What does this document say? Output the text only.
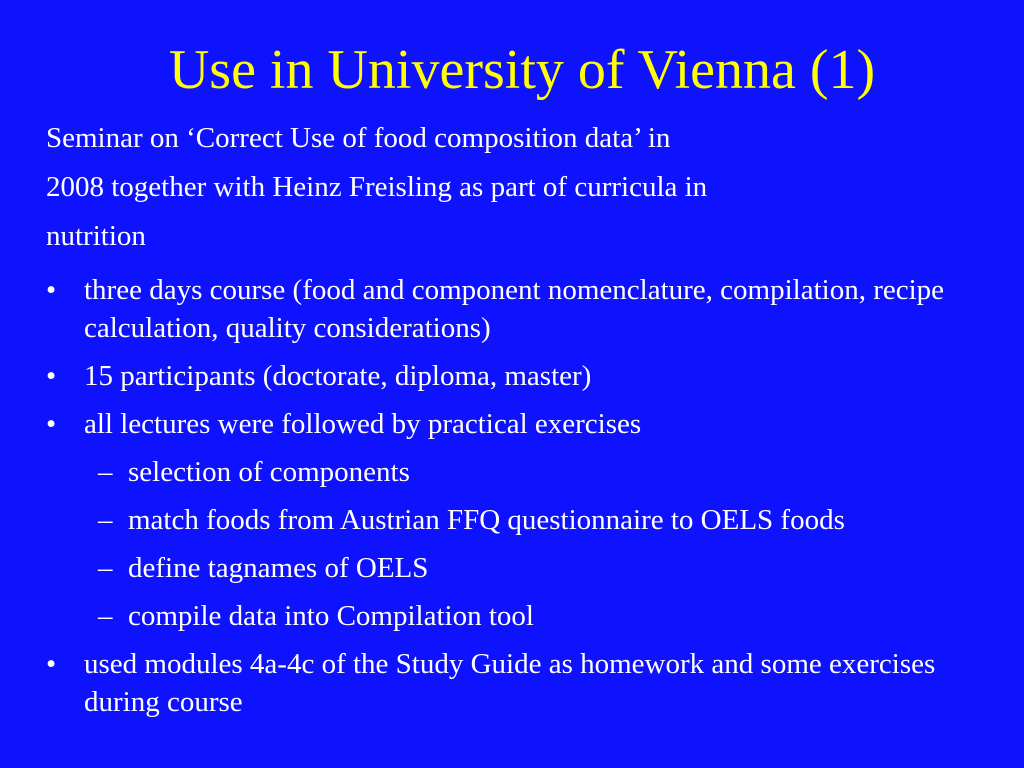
Use in University of Vienna (1)

Seminar on ‘Correct Use of food composition data’ in

2008 together with Heinz Freisling as part of curricula in

nutrition

• three days course (food and component nomenclature, compilation, recipe calculation, quality considerations)
• 15 participants (doctorate, diploma, master)
• all lectures were followed by practical exercises
– selection of components
– match foods from Austrian FFQ questionnaire to OELS foods
– define tagnames of OELS
– compile data into Compilation tool
• used modules 4a-4c of the Study Guide as homework and some exercises during course
